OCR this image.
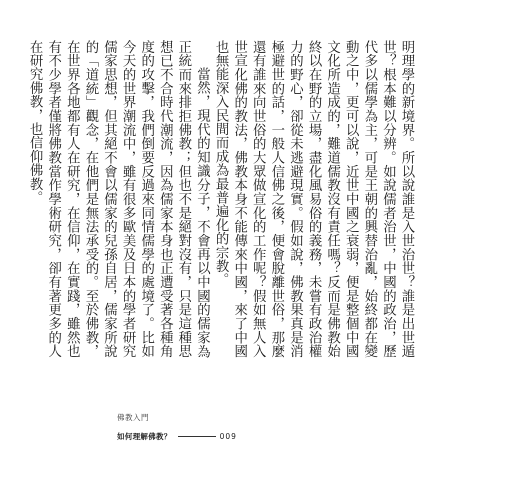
明理學的新境界。所以說誰是入世治世？誰是出世遁世？根本難以分辨。如說儒者治世，中國的政治，歷代多以儒學為主，可是王朝的興替治亂，始終都在變動之中，更可以說，近世中國之衰弱，便是整個中國文化所造成的，難道儒教沒有責任嗎？反而是佛教始終以在野的立場，盡化風易俗的義務，未嘗有政治權力的野心，卻從未逃避現實。假如說，佛教果真是消極避世的話，一般人信佛之後，便會脫離世俗，那麼還有誰來向世俗的大眾做宣化的工作呢？假如無人入世宣化佛的教法，佛教本身不能傳來中國，來了中國也無能深入民間而成為最普遍化的宗教。

當然，現代的知識分子，不會再以中國的儒家為正統而來排拒佛教；但也不是絕對沒有，只是這種思想已不合時代潮流，因為儒家本身也正遭受著各種角度的攻擊，我們倒要反過來同情儒學的處境了。比如今天的世界潮流中，雖有很多歐美及日本的學者研究儒家思想，但其絕不會以儒家的兒孫自居，儒家所說的「道統」觀念，在他們是無法承受的。至於佛教，在世界各地都有人在研究，在信仰，在實踐，雖然也有不少學者僅將佛教當作學術研究，卻有著更多的人在研究佛教，也信仰佛教。

佛教入門
如何理解佛教？	009
